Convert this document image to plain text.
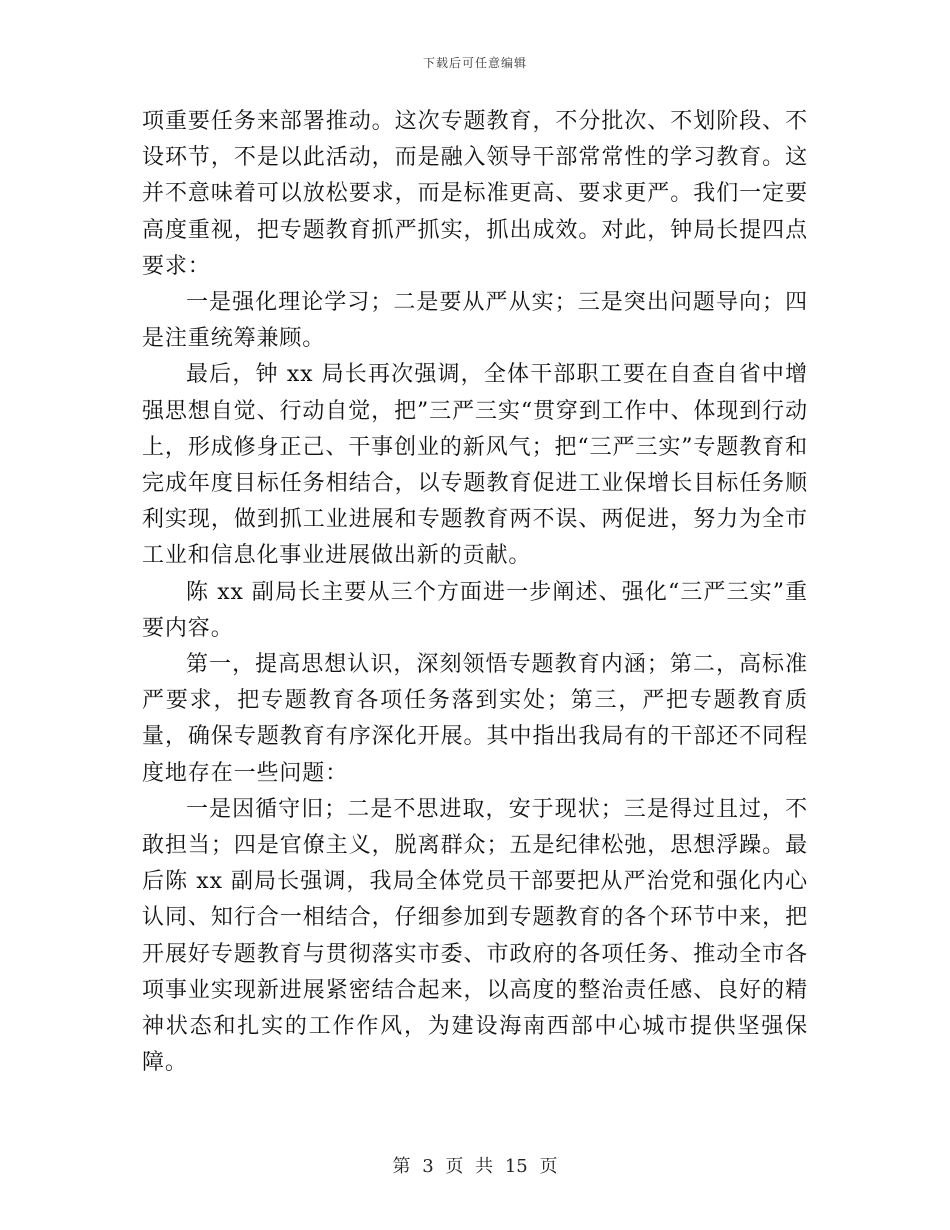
下载后可任意编辑

项重要任务来部署推动。这次专题教育，不分批次、不划阶段、不设环节，不是以此活动，而是融入领导干部常常性的学习教育。这并不意味着可以放松要求，而是标准更高、要求更严。我们一定要高度重视，把专题教育抓严抓实，抓出成效。对此，钟局长提四点要求：

一是强化理论学习；二是要从严从实；三是突出问题导向；四是注重统筹兼顾。

最后，钟 xx 局长再次强调，全体干部职工要在自查自省中增强思想自觉、行动自觉，把”三严三实“贯穿到工作中、体现到行动上，形成修身正己、干事创业的新风气；把“三严三实”专题教育和完成年度目标任务相结合，以专题教育促进工业保增长目标任务顺利实现，做到抓工业进展和专题教育两不误、两促进，努力为全市工业和信息化事业进展做出新的贡献。

陈 xx 副局长主要从三个方面进一步阐述、强化“三严三实”重要内容。

第一，提高思想认识，深刻领悟专题教育内涵；第二，高标准严要求，把专题教育各项任务落到实处；第三，严把专题教育质量，确保专题教育有序深化开展。其中指出我局有的干部还不同程度地存在一些问题：

一是因循守旧；二是不思进取，安于现状；三是得过且过，不敢担当；四是官僚主义，脱离群众；五是纪律松弛，思想浮躁。最后陈 xx 副局长强调，我局全体党员干部要把从严治党和强化内心认同、知行合一相结合，仔细参加到专题教育的各个环节中来，把开展好专题教育与贯彻落实市委、市政府的各项任务、推动全市各项事业实现新进展紧密结合起来，以高度的整治责任感、良好的精神状态和扎实的工作作风，为建设海南西部中心城市提供坚强保障。

第 3 页 共 15 页
